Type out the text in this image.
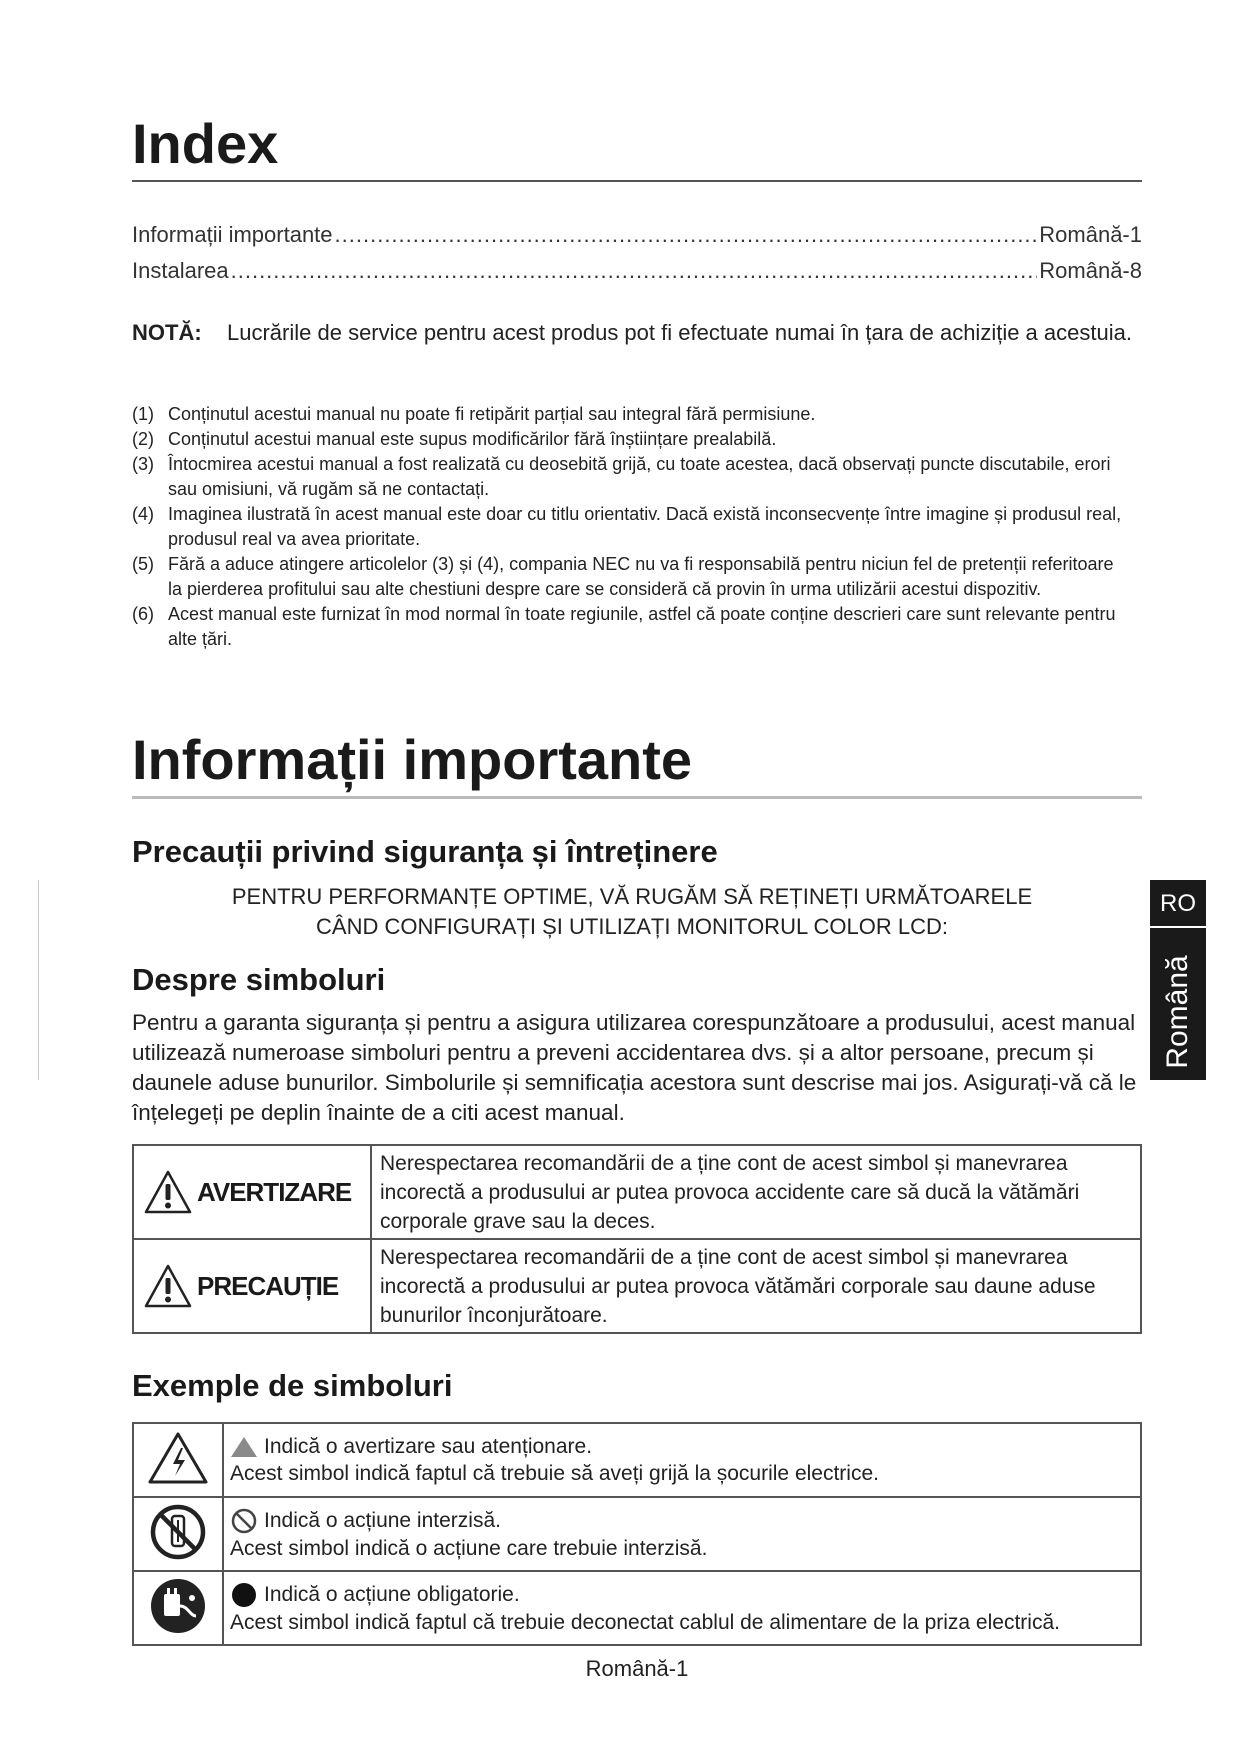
Index
Informații importante .....	Română-1
Instalarea .....	Română-8
NOTĂ:	Lucrările de service pentru acest produs pot fi efectuate numai în țara de achiziție a acestuia.
(1) Conținutul acestui manual nu poate fi retipărit parțial sau integral fără permisiune.
(2) Conținutul acestui manual este supus modificărilor fără înștiințare prealabilă.
(3) Întocmirea acestui manual a fost realizată cu deosebită grijă, cu toate acestea, dacă observați puncte discutabile, erori sau omisiuni, vă rugăm să ne contactați.
(4) Imaginea ilustrată în acest manual este doar cu titlu orientativ. Dacă există inconsecvențe între imagine și produsul real, produsul real va avea prioritate.
(5) Fără a aduce atingere articolelor (3) și (4), compania NEC nu va fi responsabilă pentru niciun fel de pretenții referitoare la pierderea profitului sau alte chestiuni despre care se consideră că provin în urma utilizării acestui dispozitiv.
(6) Acest manual este furnizat în mod normal în toate regiunile, astfel că poate conține descrieri care sunt relevante pentru alte țări.
Informații importante
Precauții privind siguranța și întreținere
PENTRU PERFORMANȚE OPTIME, VĂ RUGĂM SĂ REȚINEȚI URMĂTOARELE
CÂND CONFIGURAȚI ȘI UTILIZAȚI MONITORUL COLOR LCD:
Despre simboluri
Pentru a garanta siguranța și pentru a asigura utilizarea corespunzătoare a produsului, acest manual utilizează numeroase simboluri pentru a preveni accidentarea dvs. și a altor persoane, precum și daunele aduse bunurilor. Simbolurile și semnificația acestora sunt descrise mai jos. Asigurați-vă că le înțelegeți pe deplin înainte de a citi acest manual.
AVERTIZARE	Nerespectarea recomandării de a ține cont de acest simbol și manevrarea incorectă a produsului ar putea provoca accidente care să ducă la vătămări corporale grave sau la deces.

PRECAUȚIE	Nerespectarea recomandării de a ține cont de acest simbol și manevrarea incorectă a produsului ar putea provoca vătămări corporale sau daune aduse bunurilor înconjurătoare.
Exemple de simboluri

Indică o avertizare sau atenționare.
Acest simbol indică faptul că trebuie să aveți grijă la șocurile electrice.

Indică o acțiune interzisă.
Acest simbol indică o acțiune care trebuie interzisă.

Indică o acțiune obligatorie.
Acest simbol indică faptul că trebuie deconectat cablul de alimentare de la priza electrică.
Română-1
RO
Română
